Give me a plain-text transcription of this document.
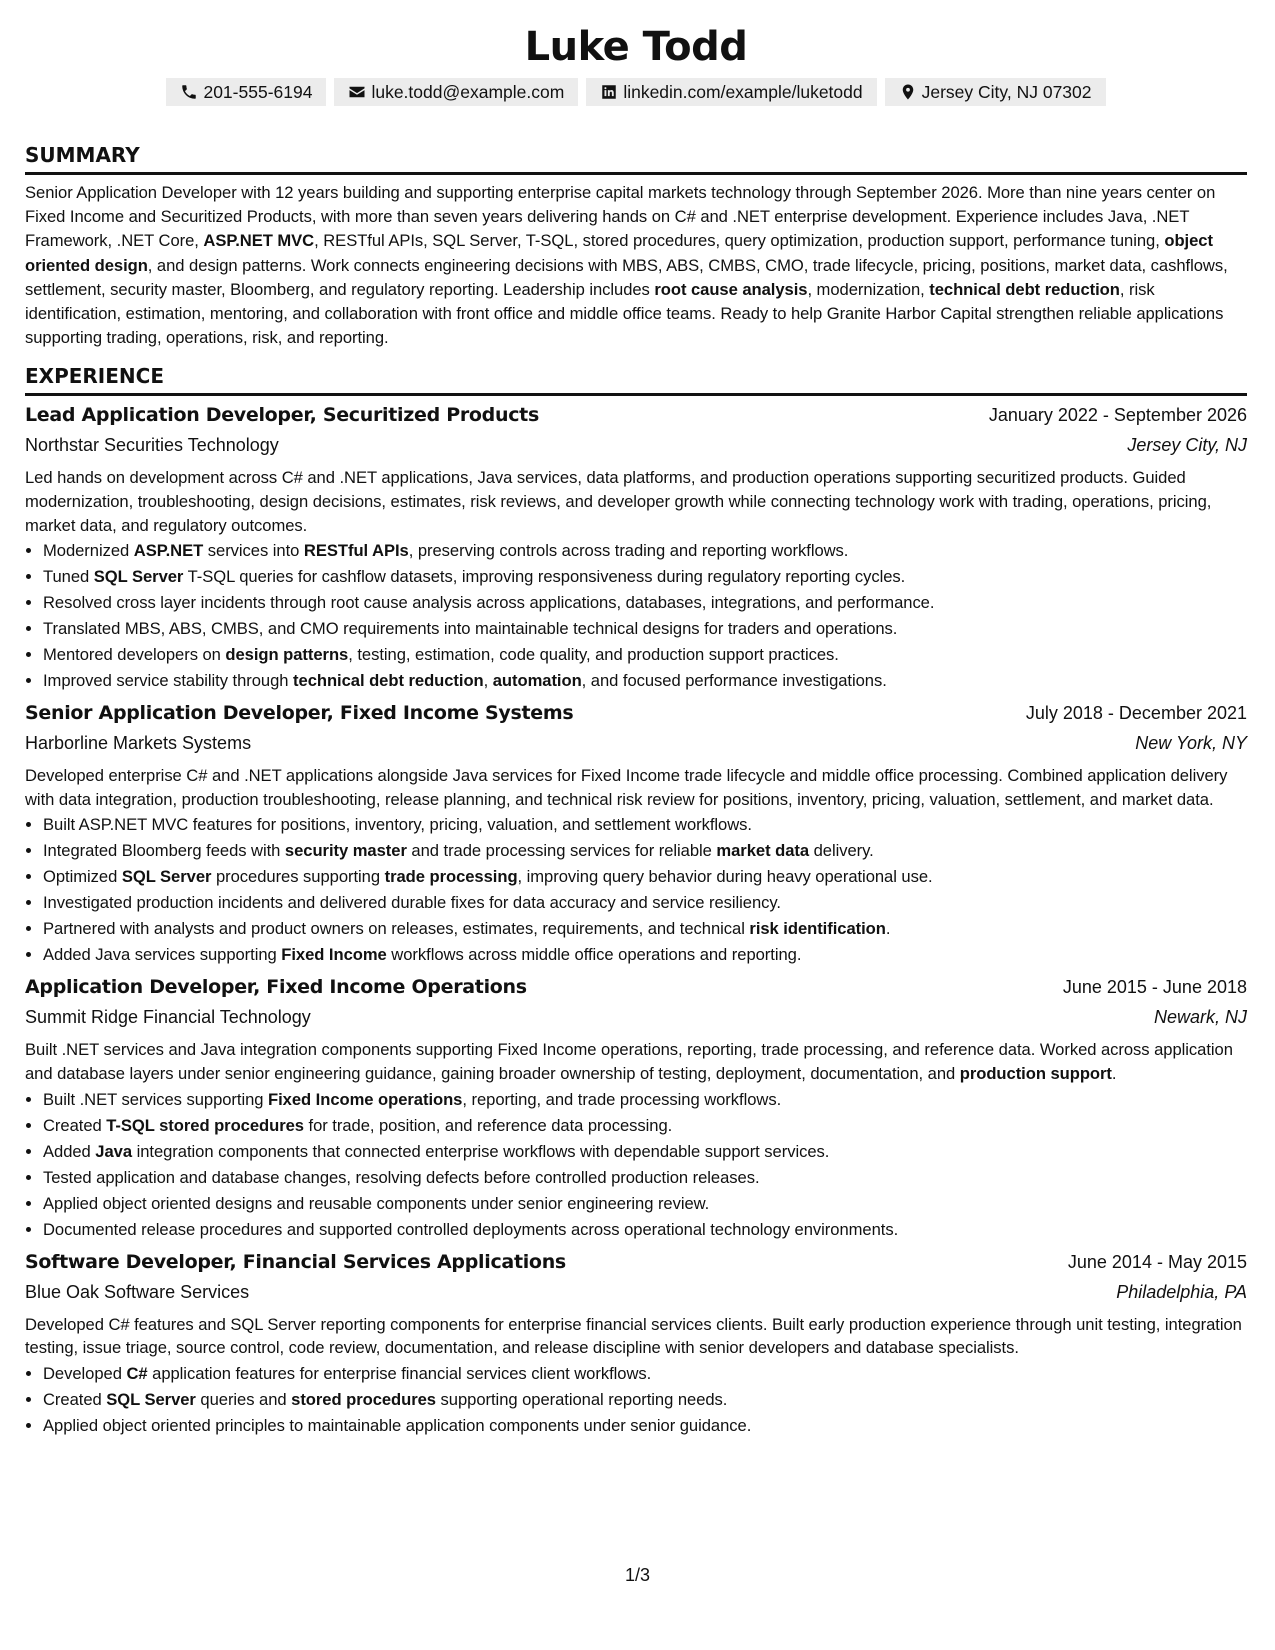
Luke Todd
201-555-6194	luke.todd@example.com	linkedin.com/example/luketodd	Jersey City, NJ 07302
SUMMARY

Senior Application Developer with 12 years building and supporting enterprise capital markets technology through September 2026. More than nine years center on Fixed Income and Securitized Products, with more than seven years delivering hands on C# and .NET enterprise development. Experience includes Java, .NET Framework, .NET Core, ASP.NET MVC, RESTful APIs, SQL Server, T-SQL, stored procedures, query optimization, production support, performance tuning, object oriented design, and design patterns. Work connects engineering decisions with MBS, ABS, CMBS, CMO, trade lifecycle, pricing, positions, market data, cashflows, settlement, security master, Bloomberg, and regulatory reporting. Leadership includes root cause analysis, modernization, technical debt reduction, risk identification, estimation, mentoring, and collaboration with front office and middle office teams. Ready to help Granite Harbor Capital strengthen reliable applications supporting trading, operations, risk, and reporting.

EXPERIENCE
Lead Application Developer, Securitized Products	January 2022 - September 2026
Northstar Securities Technology	Jersey City, NJ

Led hands on development across C# and .NET applications, Java services, data platforms, and production operations supporting securitized products. Guided modernization, troubleshooting, design decisions, estimates, risk reviews, and developer growth while connecting technology work with trading, operations, pricing, market data, and regulatory outcomes.

• Modernized ASP.NET services into RESTful APIs, preserving controls across trading and reporting workflows.
• Tuned SQL Server T-SQL queries for cashflow datasets, improving responsiveness during regulatory reporting cycles.
• Resolved cross layer incidents through root cause analysis across applications, databases, integrations, and performance.
• Translated MBS, ABS, CMBS, and CMO requirements into maintainable technical designs for traders and operations.
• Mentored developers on design patterns, testing, estimation, code quality, and production support practices.
• Improved service stability through technical debt reduction, automation, and focused performance investigations.
Senior Application Developer, Fixed Income Systems	July 2018 - December 2021
Harborline Markets Systems	New York, NY

Developed enterprise C# and .NET applications alongside Java services for Fixed Income trade lifecycle and middle office processing. Combined application delivery with data integration, production troubleshooting, release planning, and technical risk review for positions, inventory, pricing, valuation, settlement, and market data.

• Built ASP.NET MVC features for positions, inventory, pricing, valuation, and settlement workflows.
• Integrated Bloomberg feeds with security master and trade processing services for reliable market data delivery.
• Optimized SQL Server procedures supporting trade processing, improving query behavior during heavy operational use.
• Investigated production incidents and delivered durable fixes for data accuracy and service resiliency.
• Partnered with analysts and product owners on releases, estimates, requirements, and technical risk identification.
• Added Java services supporting Fixed Income workflows across middle office operations and reporting.
Application Developer, Fixed Income Operations	June 2015 - June 2018
Summit Ridge Financial Technology	Newark, NJ

Built .NET services and Java integration components supporting Fixed Income operations, reporting, trade processing, and reference data. Worked across application and database layers under senior engineering guidance, gaining broader ownership of testing, deployment, documentation, and production support.

• Built .NET services supporting Fixed Income operations, reporting, and trade processing workflows.
• Created T-SQL stored procedures for trade, position, and reference data processing.
• Added Java integration components that connected enterprise workflows with dependable support services.
• Tested application and database changes, resolving defects before controlled production releases.
• Applied object oriented designs and reusable components under senior engineering review.
• Documented release procedures and supported controlled deployments across operational technology environments.
Software Developer, Financial Services Applications	June 2014 - May 2015
Blue Oak Software Services	Philadelphia, PA

Developed C# features and SQL Server reporting components for enterprise financial services clients. Built early production experience through unit testing, integration testing, issue triage, source control, code review, documentation, and release discipline with senior developers and database specialists.

• Developed C# application features for enterprise financial services client workflows.
• Created SQL Server queries and stored procedures supporting operational reporting needs.
• Applied object oriented principles to maintainable application components under senior guidance.
1/3
